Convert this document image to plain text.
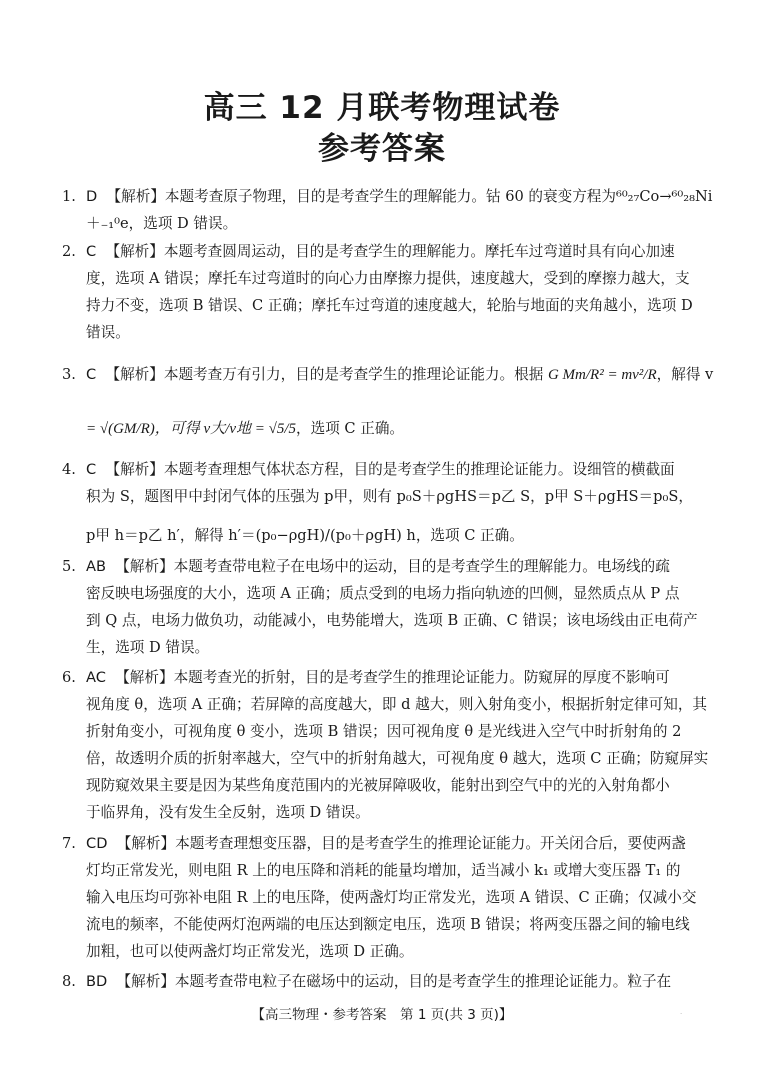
高三 12 月联考物理试卷
参考答案
1. D 【解析】本题考查原子物理，目的是考查学生的理解能力。钴 60 的衰变方程为⁶⁰₂₇Co→⁶⁰₂₈Ni
＋₋₁⁰e，选项 D 错误。
2. C 【解析】本题考查圆周运动，目的是考查学生的理解能力。摩托车过弯道时具有向心加速
度，选项 A 错误；摩托车过弯道时的向心力由摩擦力提供，速度越大，受到的摩擦力越大，支
持力不变，选项 B 错误、C 正确；摩托车过弯道的速度越大，轮胎与地面的夹角越小，选项 D
错误。
3. C 【解析】本题考查万有引力，目的是考查学生的推理论证能力。根据 G Mm/R² = mv²/R，解得 v
= √(GM/R)，可得 v大/v地 = √5/5，选项 C 正确。
4. C 【解析】本题考查理想气体状态方程，目的是考查学生的推理论证能力。设细管的横截面
积为 S，题图甲中封闭气体的压强为 p甲，则有 p₀S＋ρgHS＝p乙 S，p甲 S＋ρgHS＝p₀S，
p甲 h＝p乙 h′，解得 h′＝(p₀−ρgH)/(p₀＋ρgH) h，选项 C 正确。
5. AB 【解析】本题考查带电粒子在电场中的运动，目的是考查学生的理解能力。电场线的疏
密反映电场强度的大小，选项 A 正确；质点受到的电场力指向轨迹的凹侧，显然质点从 P 点
到 Q 点，电场力做负功，动能减小，电势能增大，选项 B 正确、C 错误；该电场线由正电荷产
生，选项 D 错误。
6. AC 【解析】本题考查光的折射，目的是考查学生的推理论证能力。防窥屏的厚度不影响可
视角度 θ，选项 A 正确；若屏障的高度越大，即 d 越大，则入射角变小，根据折射定律可知，其
折射角变小，可视角度 θ 变小，选项 B 错误；因可视角度 θ 是光线进入空气中时折射角的 2
倍，故透明介质的折射率越大，空气中的折射角越大，可视角度 θ 越大，选项 C 正确；防窥屏实
现防窥效果主要是因为某些角度范围内的光被屏障吸收，能射出到空气中的光的入射角都小
于临界角，没有发生全反射，选项 D 错误。
7. CD 【解析】本题考查理想变压器，目的是考查学生的推理论证能力。开关闭合后，要使两盏
灯均正常发光，则电阻 R 上的电压降和消耗的能量均增加，适当减小 k₁ 或增大变压器 T₁ 的
输入电压均可弥补电阻 R 上的电压降，使两盏灯均正常发光，选项 A 错误、C 正确；仅减小交
流电的频率，不能使两灯泡两端的电压达到额定电压，选项 B 错误；将两变压器之间的输电线
加粗，也可以使两盏灯均正常发光，选项 D 正确。
8. BD 【解析】本题考查带电粒子在磁场中的运动，目的是考查学生的推理论证能力。粒子在
【高三物理・参考答案　第 1 页(共 3 页)】	·
